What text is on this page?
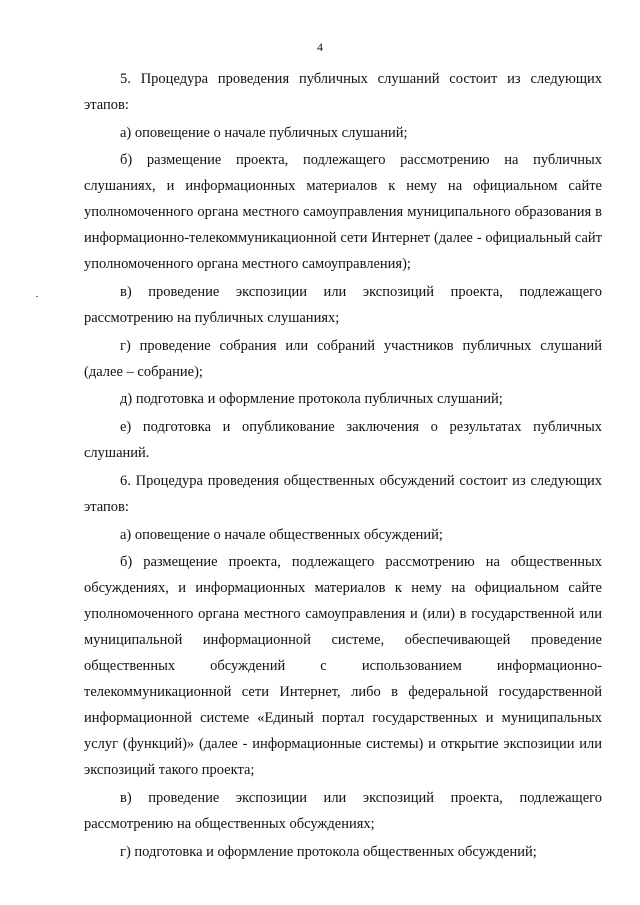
4

5. Процедура проведения публичных слушаний состоит из следующих этапов:

а) оповещение о начале публичных слушаний;

б) размещение проекта, подлежащего рассмотрению на публичных слушаниях, и информационных материалов к нему на официальном сайте уполномоченного органа местного самоуправления муниципального образования в информационно-телекоммуникационной сети Интернет (далее - официальный сайт уполномоченного органа местного самоуправления);

в) проведение экспозиции или экспозиций проекта, подлежащего рассмотрению на публичных слушаниях;

г) проведение собрания или собраний участников публичных слушаний (далее – собрание);

д) подготовка и оформление протокола публичных слушаний;

е) подготовка и опубликование заключения о результатах публичных слушаний.

6. Процедура проведения общественных обсуждений состоит из следующих этапов:

а) оповещение о начале общественных обсуждений;

б) размещение проекта, подлежащего рассмотрению на общественных обсуждениях, и информационных материалов к нему на официальном сайте уполномоченного органа местного самоуправления и (или) в государственной или муниципальной информационной системе, обеспечивающей проведение общественных обсуждений с использованием информационно-телекоммуникационной сети Интернет, либо в федеральной государственной информационной системе «Единый портал государственных и муниципальных услуг (функций)» (далее - информационные системы) и открытие экспозиции или экспозиций такого проекта;

в) проведение экспозиции или экспозиций проекта, подлежащего рассмотрению на общественных обсуждениях;

г) подготовка и оформление протокола общественных обсуждений;
